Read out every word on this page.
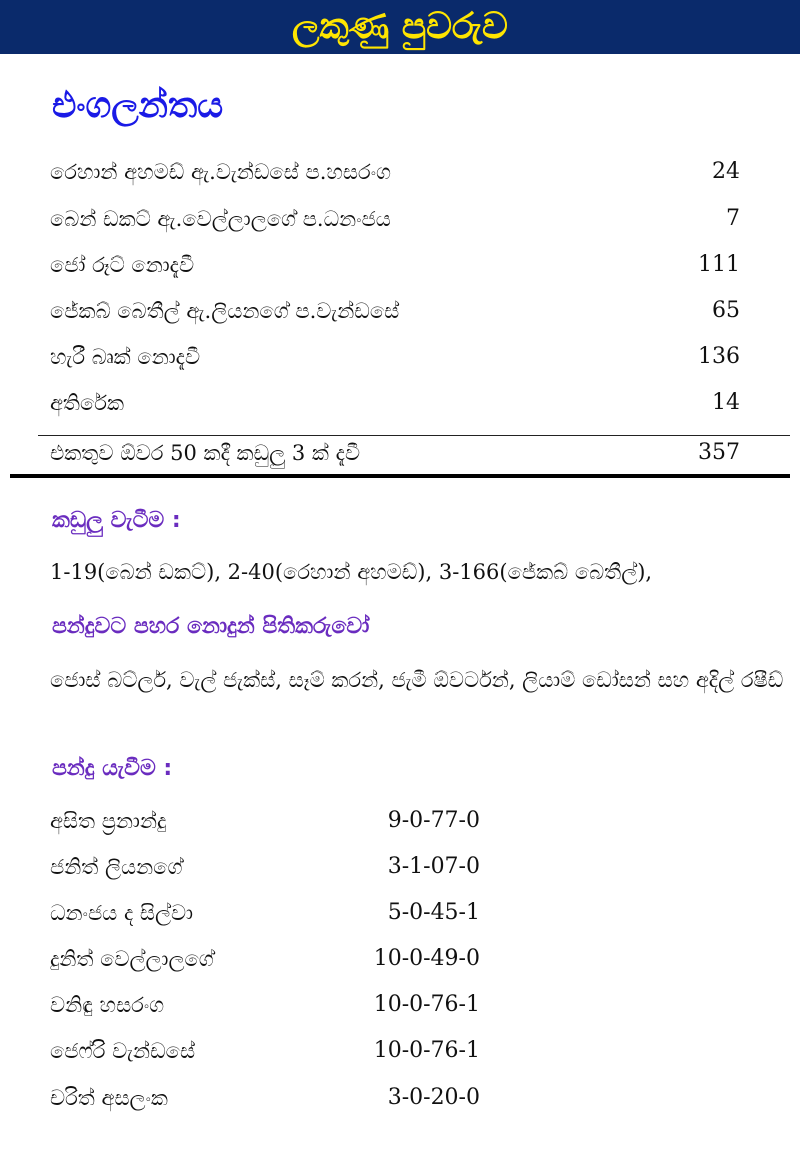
ලකුණු පුවරුව
එංගලන්තය
රෙහාන් අහමඩ් ඇ.වැන්ඩසේ ප.හසරංග	24
බෙන් ඩකට් ඇ.වෙල්ලාලගේ ප.ධනංජය	7
ජෝ රූට් නොදැවී	111
ජේකබ් බෙතීල් ඇ.ලියනගේ ප.වැන්ඩසේ	65
හැරී බෘක් නොදැවී	136
අතිරේක	14
එකතුව ඕවර 50 කදී කඩුලු 3 ක් දැවී	357
කඩුලු වැටීම :
1-19(බෙන් ඩකට්), 2-40(රෙහාන් අහමඩ්), 3-166(ජේකබ් බෙතීල්),
පන්දුවට පහර නොදුන් පිතිකරුවෝ
ජොස් බට්ලර්, වැල් ජැක්ස්, සෑම් කරන්, ජැමී ඕවර්ටන්, ලියාම් ඩෝසන් සහ අදිල් රෂීඩ්
පන්දු යැවීම :
අසිත ප්‍රනාන්දු	9-0-77-0
ජනිත් ලියනගේ	3-1-07-0
ධනංජය ද සිල්වා	5-0-45-1
දුනිත් වෙල්ලාලගේ	10-0-49-0
වනිඳු හසරංග	10-0-76-1
ජෙෆ්රි වැන්ඩසේ	10-0-76-1
චරිත් අසලංක	3-0-20-0
